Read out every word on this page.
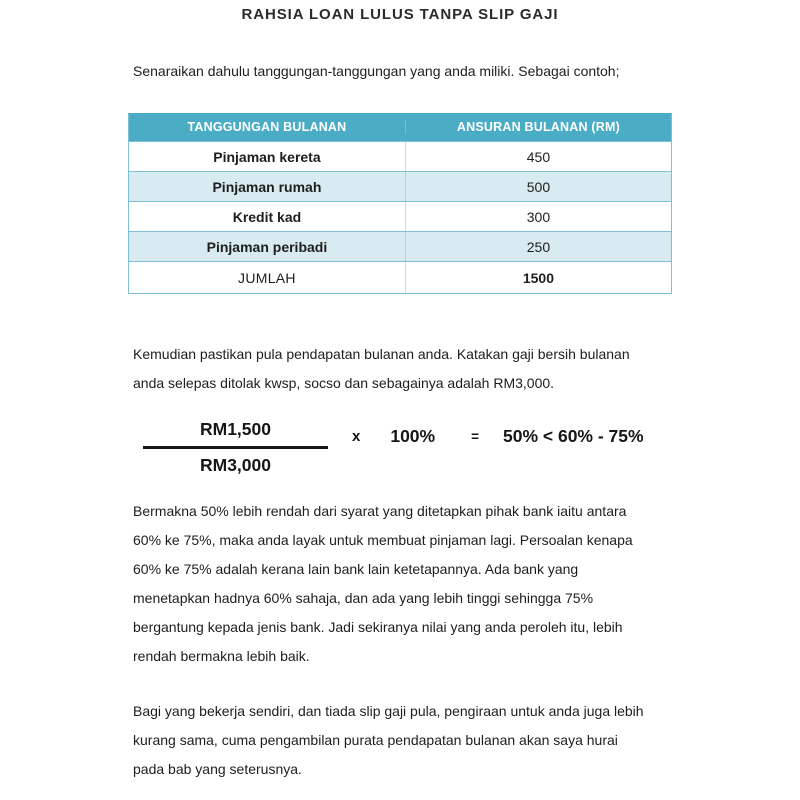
RAHSIA LOAN LULUS TANPA SLIP GAJI
Senaraikan dahulu tanggungan-tanggungan yang anda miliki. Sebagai contoh;
TANGGUNGAN BULANAN	ANSURAN BULANAN (RM)
Pinjaman kereta	450
Pinjaman rumah	500
Kredit kad	300
Pinjaman peribadi	250
JUMLAH	1500
Kemudian pastikan pula pendapatan bulanan anda. Katakan gaji bersih bulanan
anda selepas ditolak kwsp, socso dan sebagainya adalah RM3,000.
$\frac{RM1,500}{RM3,000}$ x 100%	= 50% < 60% - 75%
Bermakna 50% lebih rendah dari syarat yang ditetapkan pihak bank iaitu antara
60% ke 75%, maka anda layak untuk membuat pinjaman lagi. Persoalan kenapa
60% ke 75% adalah kerana lain bank lain ketetapannya. Ada bank yang
menetapkan hadnya 60% sahaja, dan ada yang lebih tinggi sehingga 75%
bergantung kepada jenis bank. Jadi sekiranya nilai yang anda peroleh itu, lebih
rendah bermakna lebih baik.
Bagi yang bekerja sendiri, dan tiada slip gaji pula, pengiraan untuk anda juga lebih
kurang sama, cuma pengambilan purata pendapatan bulanan akan saya hurai
pada bab yang seterusnya.
